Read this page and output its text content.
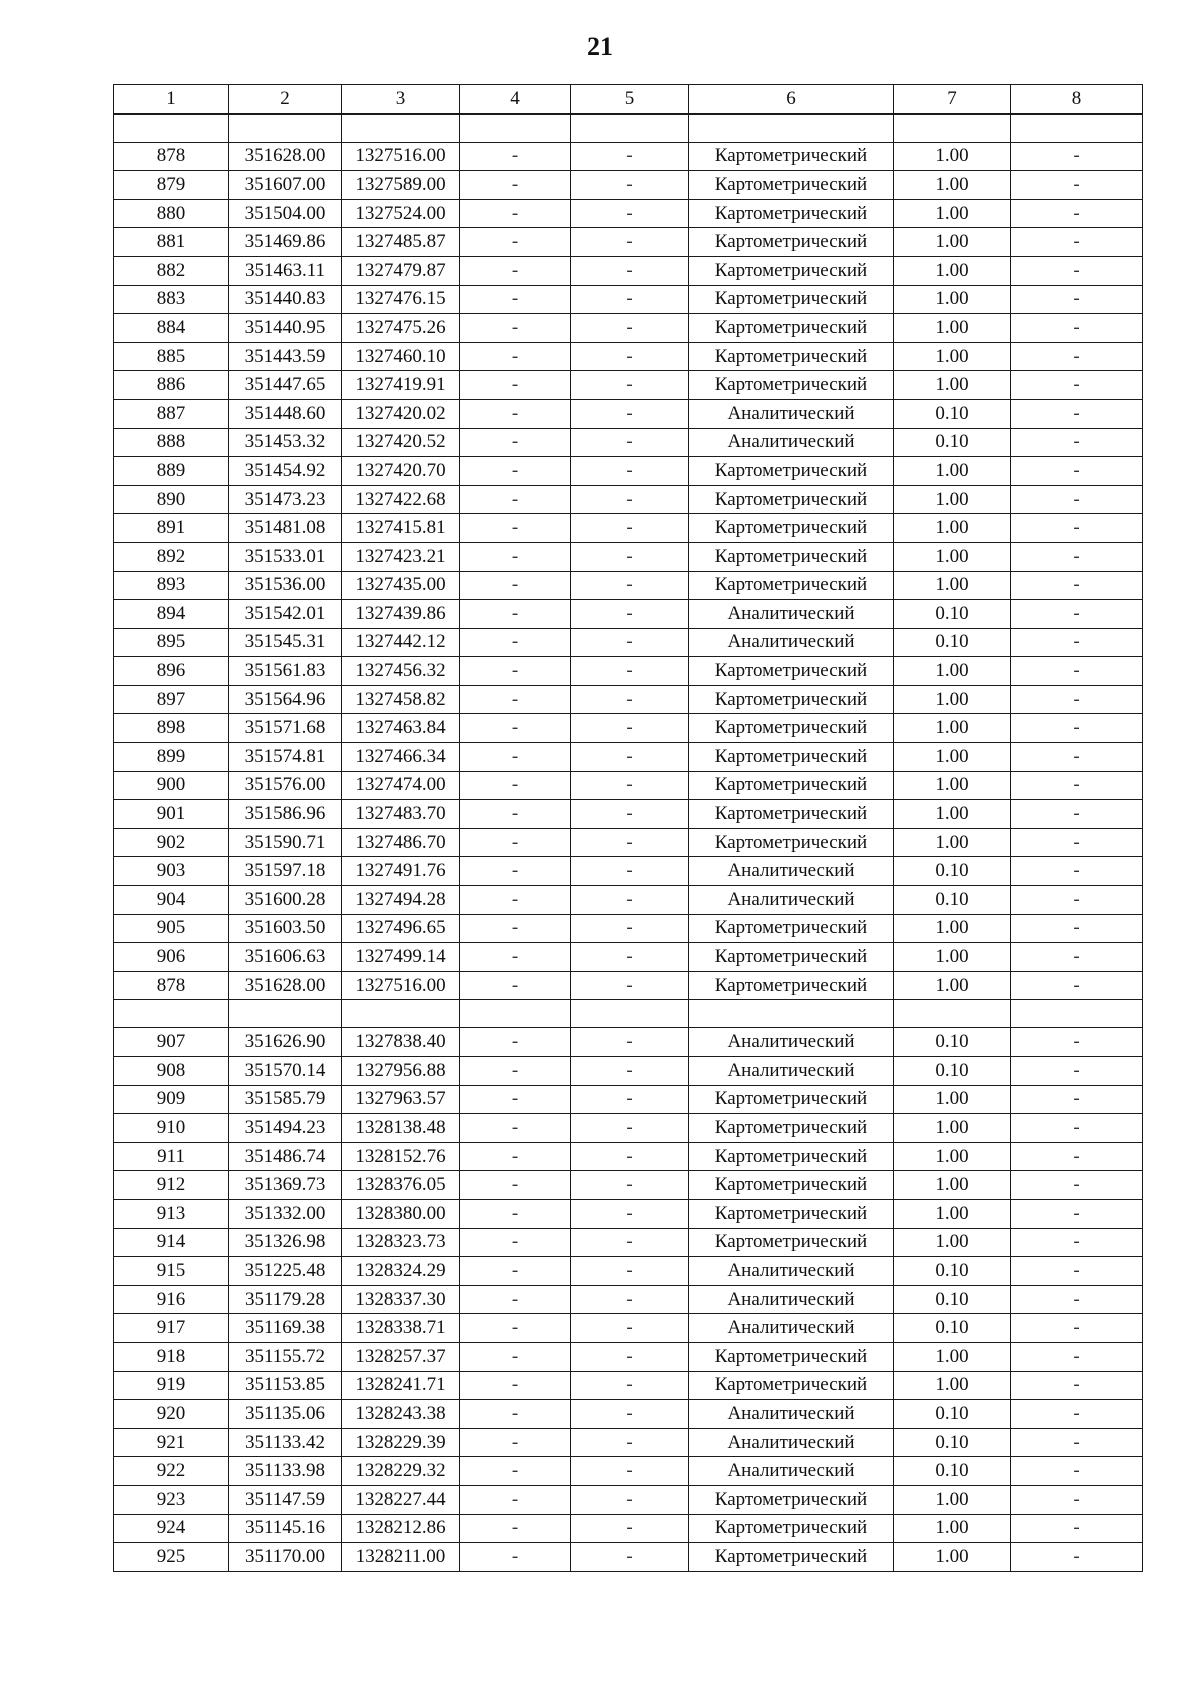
21
1	2	3	4	5	6	7	8

878	351628.00	1327516.00	-	-	Картометрический	1.00	-
879	351607.00	1327589.00	-	-	Картометрический	1.00	-
880	351504.00	1327524.00	-	-	Картометрический	1.00	-
881	351469.86	1327485.87	-	-	Картометрический	1.00	-
882	351463.11	1327479.87	-	-	Картометрический	1.00	-
883	351440.83	1327476.15	-	-	Картометрический	1.00	-
884	351440.95	1327475.26	-	-	Картометрический	1.00	-
885	351443.59	1327460.10	-	-	Картометрический	1.00	-
886	351447.65	1327419.91	-	-	Картометрический	1.00	-
887	351448.60	1327420.02	-	-	Аналитический	0.10	-
888	351453.32	1327420.52	-	-	Аналитический	0.10	-
889	351454.92	1327420.70	-	-	Картометрический	1.00	-
890	351473.23	1327422.68	-	-	Картометрический	1.00	-
891	351481.08	1327415.81	-	-	Картометрический	1.00	-
892	351533.01	1327423.21	-	-	Картометрический	1.00	-
893	351536.00	1327435.00	-	-	Картометрический	1.00	-
894	351542.01	1327439.86	-	-	Аналитический	0.10	-
895	351545.31	1327442.12	-	-	Аналитический	0.10	-
896	351561.83	1327456.32	-	-	Картометрический	1.00	-
897	351564.96	1327458.82	-	-	Картометрический	1.00	-
898	351571.68	1327463.84	-	-	Картометрический	1.00	-
899	351574.81	1327466.34	-	-	Картометрический	1.00	-
900	351576.00	1327474.00	-	-	Картометрический	1.00	-
901	351586.96	1327483.70	-	-	Картометрический	1.00	-
902	351590.71	1327486.70	-	-	Картометрический	1.00	-
903	351597.18	1327491.76	-	-	Аналитический	0.10	-
904	351600.28	1327494.28	-	-	Аналитический	0.10	-
905	351603.50	1327496.65	-	-	Картометрический	1.00	-
906	351606.63	1327499.14	-	-	Картометрический	1.00	-
878	351628.00	1327516.00	-	-	Картометрический	1.00	-

907	351626.90	1327838.40	-	-	Аналитический	0.10	-
908	351570.14	1327956.88	-	-	Аналитический	0.10	-
909	351585.79	1327963.57	-	-	Картометрический	1.00	-
910	351494.23	1328138.48	-	-	Картометрический	1.00	-
911	351486.74	1328152.76	-	-	Картометрический	1.00	-
912	351369.73	1328376.05	-	-	Картометрический	1.00	-
913	351332.00	1328380.00	-	-	Картометрический	1.00	-
914	351326.98	1328323.73	-	-	Картометрический	1.00	-
915	351225.48	1328324.29	-	-	Аналитический	0.10	-
916	351179.28	1328337.30	-	-	Аналитический	0.10	-
917	351169.38	1328338.71	-	-	Аналитический	0.10	-
918	351155.72	1328257.37	-	-	Картометрический	1.00	-
919	351153.85	1328241.71	-	-	Картометрический	1.00	-
920	351135.06	1328243.38	-	-	Аналитический	0.10	-
921	351133.42	1328229.39	-	-	Аналитический	0.10	-
922	351133.98	1328229.32	-	-	Аналитический	0.10	-
923	351147.59	1328227.44	-	-	Картометрический	1.00	-
924	351145.16	1328212.86	-	-	Картометрический	1.00	-
925	351170.00	1328211.00	-	-	Картометрический	1.00	-
